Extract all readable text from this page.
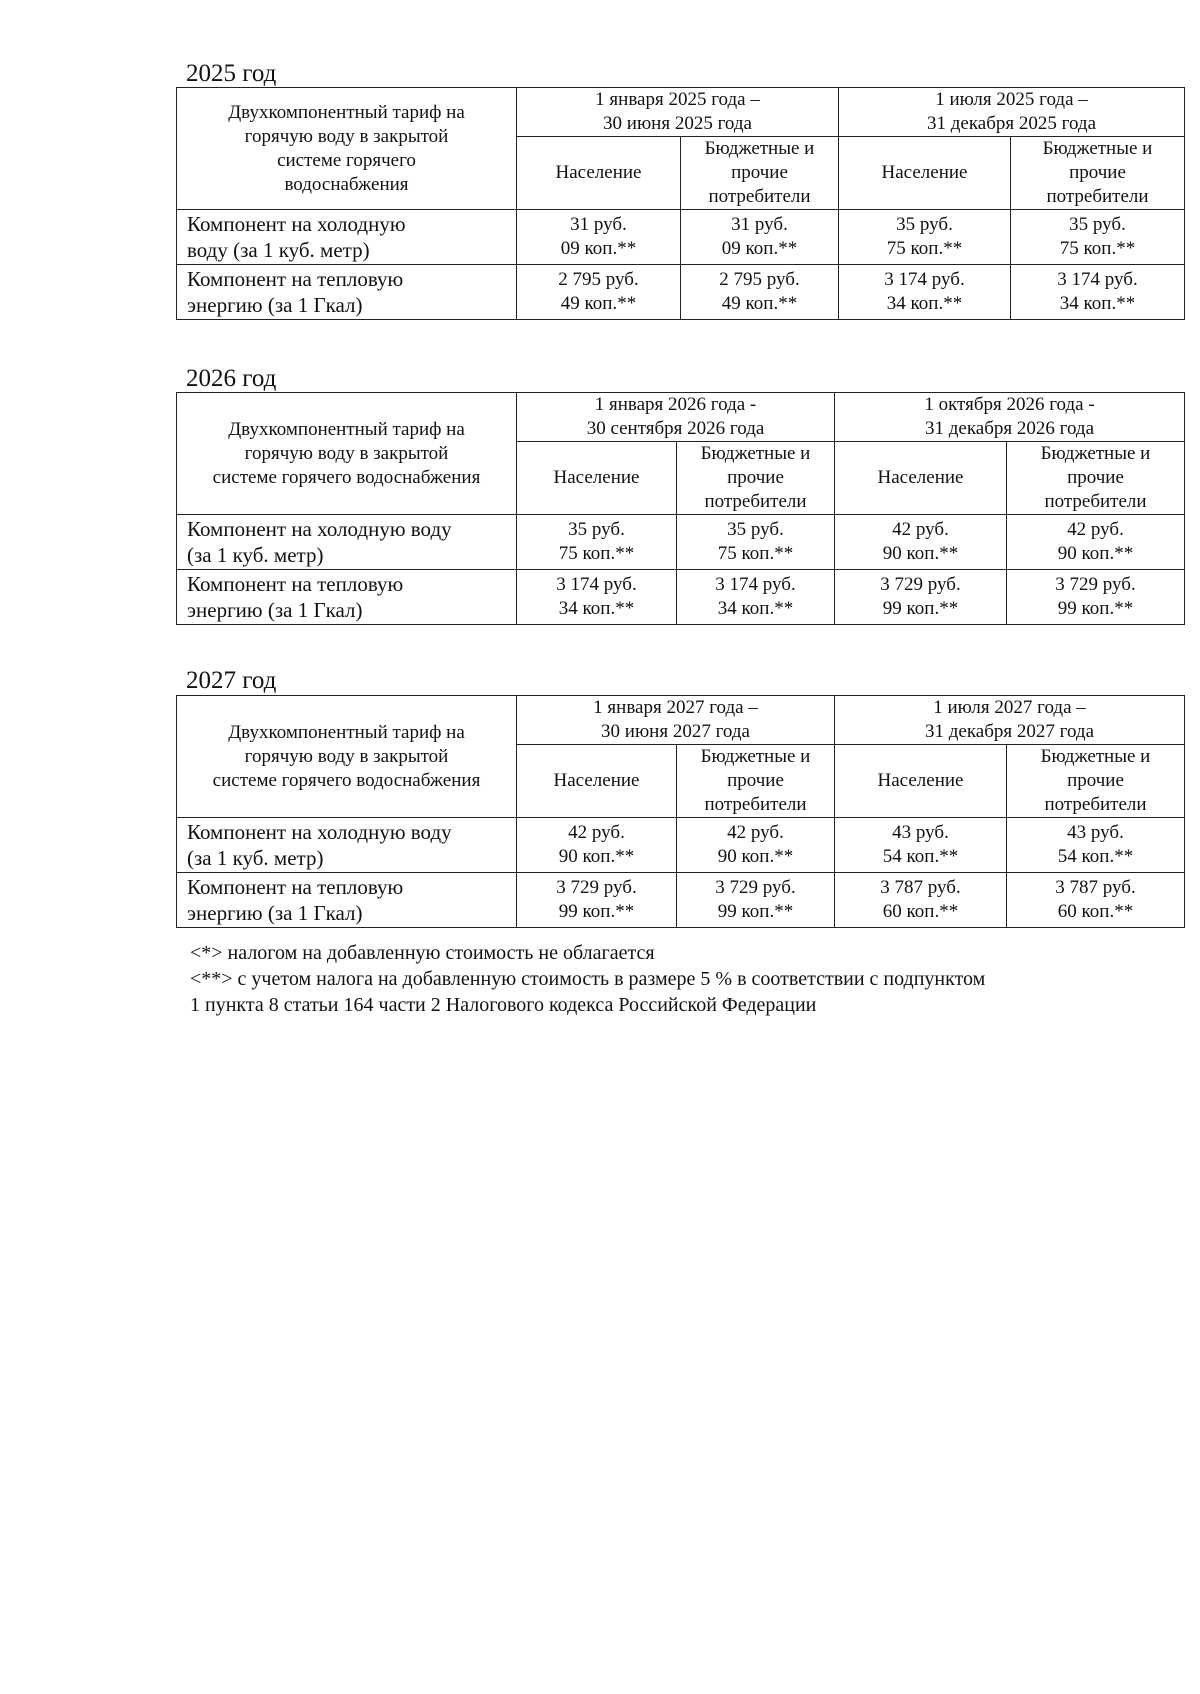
2025 год
Двухкомпонентный тариф на
горячую воду в закрытой
системе горячего
водоснабжения	1 января 2025 года –
30 июня 2025 года		1 июля 2025 года –
31 декабря 2025 года	

	Население	Бюджетные и
прочие
потребители	Население	Бюджетные и
прочие
потребители

Компонент на холодную
воду (за 1 куб. метр)	31 руб.
09 коп.**	31 руб.
09 коп.**	35 руб.
75 коп.**	35 руб.
75 коп.**

Компонент на тепловую
энергию (за 1 Гкал)	2 795 руб.
49 коп.**	2 795 руб.
49 коп.**	3 174 руб.
34 коп.**	3 174 руб.
34 коп.**
2026 год
Двухкомпонентный тариф на
горячую воду в закрытой
системе горячего водоснабжения	1 января 2026 года -
30 сентября 2026 года		1 октября 2026 года -
31 декабря 2026 года	

	Население	Бюджетные и
прочие
потребители	Население	Бюджетные и
прочие
потребители

Компонент на холодную воду
(за 1 куб. метр)	35 руб.
75 коп.**	35 руб.
75 коп.**	42 руб.
90 коп.**	42 руб.
90 коп.**

Компонент на тепловую
энергию (за 1 Гкал)	3 174 руб.
34 коп.**	3 174 руб.
34 коп.**	3 729 руб.
99 коп.**	3 729 руб.
99 коп.**
2027 год
Двухкомпонентный тариф на
горячую воду в закрытой
системе горячего водоснабжения	1 января 2027 года –
30 июня 2027 года		1 июля 2027 года –
31 декабря 2027 года	

	Население	Бюджетные и
прочие
потребители	Население	Бюджетные и
прочие
потребители

Компонент на холодную воду
(за 1 куб. метр)	42 руб.
90 коп.**	42 руб.
90 коп.**	43 руб.
54 коп.**	43 руб.
54 коп.**

Компонент на тепловую
энергию (за 1 Гкал)	3 729 руб.
99 коп.**	3 729 руб.
99 коп.**	3 787 руб.
60 коп.**	3 787 руб.
60 коп.**
<*> налогом на добавленную стоимость не облагается
<**> с учетом налога на добавленную стоимость в размере 5 % в соответствии с подпунктом
1 пункта 8 статьи 164 части 2 Налогового кодекса Российской Федерации
